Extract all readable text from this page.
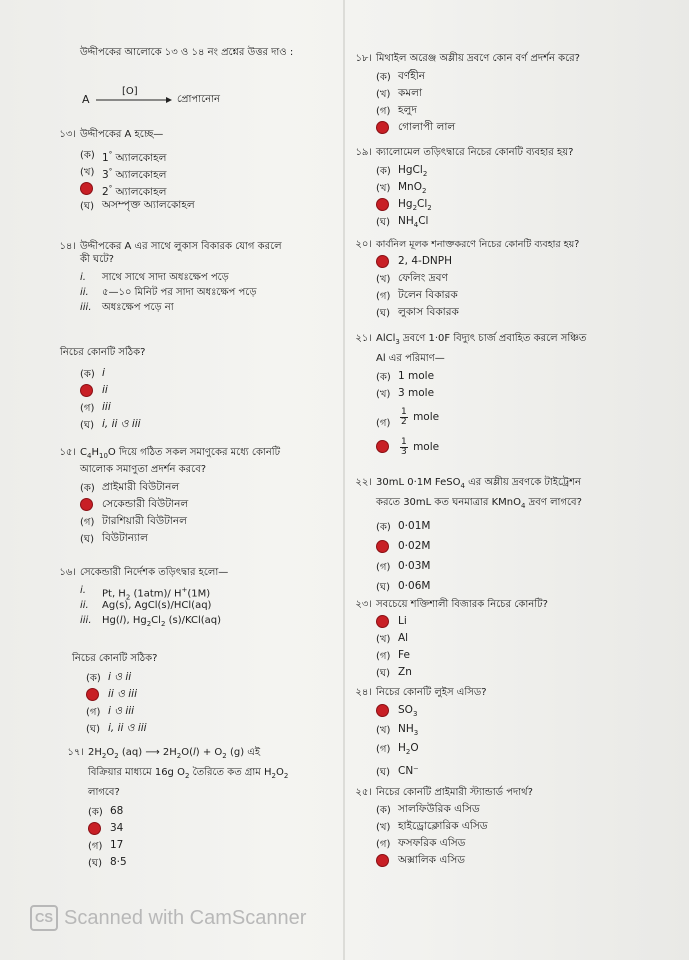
উদ্দীপকের আলোকে ১৩ ও ১৪ নং প্রশ্নের উত্তর দাও :
A
[O]
প্রোপানোন
১৩। উদ্দীপকের A হচ্ছে—
(ক) 1° অ্যালকোহল
(খ) 3° অ্যালকোহল
2° অ্যালকোহল
(ঘ) অসম্পৃক্ত অ্যালকোহল
১৪। উদ্দীপকের A এর সাথে লুকাস বিকারক যোগ করলে
কী ঘটে?
i. সাথে সাথে সাদা অধঃক্ষেপ পড়ে
ii. ৫—১০ মিনিট পর সাদা অধঃক্ষেপ পড়ে
iii. অধঃক্ষেপ পড়ে না
নিচের কোনটি সঠিক?
(ক) i
ii
(গ) iii
(ঘ) i, ii ও iii
১৫। $C_4H_{10}O$ দিয়ে গঠিত সকল সমাণুকের মধ্যে কোনটি
আলোক সমাণুতা প্রদর্শন করবে?
(ক) প্রাইমারী বিউটানল
সেকেন্ডারী বিউটানল
(গ) টারশিয়ারী বিউটানল
(ঘ) বিউটান্যাল
১৬। সেকেন্ডারী নির্দেশক তড়িৎদ্বার হলো—
i. Pt, $H_2$ (1atm)/ H+(1M)
ii. Ag(s), AgCl(s)/HCl(aq)
iii. Hg(l), $Hg_2Cl_2$ (s)/KCl(aq)
নিচের কোনটি সঠিক?
(ক) i ও ii
ii ও iii
(গ) i ও iii
(ঘ) i, ii ও iii
১৭। $2H_2O_2$ (aq) ⟶ $2H_2O(l) + O_2$ (g) এই
বিক্রিয়ার মাধ্যমে 16g $O_2$ তৈরিতে কত গ্রাম $H_2O_2$
লাগবে?
(ক) 68
34
(গ) 17
(ঘ) 8·5
১৮। মিথাইল অরেঞ্জ অম্লীয় দ্রবণে কোন বর্ণ প্রদর্শন করে?
(ক) বর্ণহীন
(খ) কমলা
(গ) হলুদ
গোলাপী লাল
১৯। ক্যালোমেল তড়িৎদ্বারে নিচের কোনটি ব্যবহার হয়?
(ক) HgCl$_2$
(খ) MnO$_2$
$Hg_2Cl_2$
(ঘ) $NH_4Cl$
২০। কার্বনিল মূলক শনাক্তকরণে নিচের কোনটি ব্যবহার হয়?
2, 4-DNPH
(খ) ফেলিং দ্রবণ
(গ) টলেন বিকারক
(ঘ) লুকাস বিকারক
২১। AlCl$_3$ দ্রবণে 1·0F বিদ্যুৎ চার্জ প্রবাহিত করলে সঞ্চিত
Al এর পরিমাণ—
(ক) 1 mole
(খ) 3 mole
(গ)	$\frac{1}{2}$ mole
$\frac{1}{3}$ mole
২২। 30mL 0·1M FeSO$_4$ এর অম্লীয় দ্রবণকে টাইট্রেশন
করতে 30mL কত ঘনমাত্রার KMnO$_4$ দ্রবণ লাগবে?
(ক) 0·01M
0·02M
(গ) 0·03M
(ঘ) 0·06M
২৩। সবচেয়ে শক্তিশালী বিজারক নিচের কোনটি?
Li
(খ) Al
(গ) Fe
(ঘ) Zn
২৪। নিচের কোনটি লুইস এসিড?
$SO_3$
(খ) $NH_3$
(গ) $H_2O$
(ঘ) CN⁻
২৫। নিচের কোনটি প্রাইমারী স্ট্যান্ডার্ড পদার্থ?
(ক) সালফিউরিক এসিড
(খ) হাইড্রোক্লোরিক এসিড
(গ) ফসফরিক এসিড
অক্সালিক এসিড
CS Scanned with CamScanner
